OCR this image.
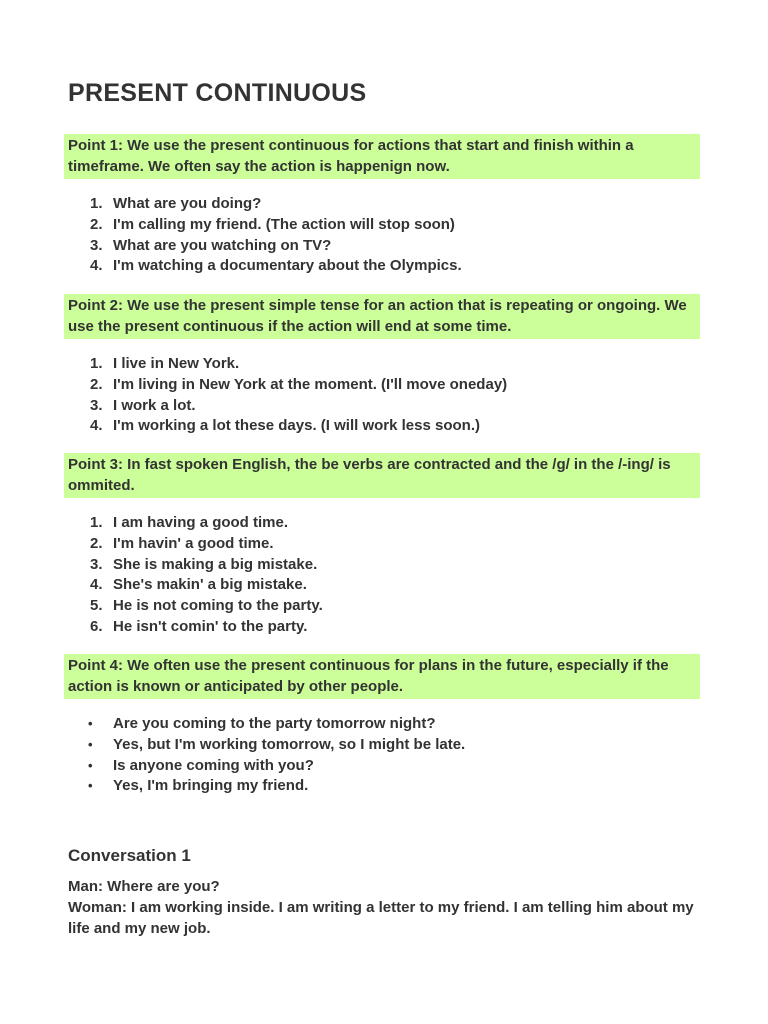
PRESENT CONTINUOUS
Point 1: We use the present continuous for actions that start and finish within a timeframe. We often say the action is happenign now.
1. What are you doing?
2. I'm calling my friend. (The action will stop soon)
3. What are you watching on TV?
4. I'm watching a documentary about the Olympics.
Point 2: We use the present simple tense for an action that is repeating or ongoing. We use the present continuous if the action will end at some time.
1. I live in New York.
2. I'm living in New York at the moment. (I'll move oneday)
3. I work a lot.
4. I'm working a lot these days. (I will work less soon.)
Point 3: In fast spoken English, the be verbs are contracted and the /g/ in the /-ing/ is ommited.
1. I am having a good time.
2. I'm havin' a good time.
3. She is making a big mistake.
4. She's makin' a big mistake.
5. He is not coming to the party.
6. He isn't comin' to the party.
Point 4: We often use the present continuous for plans in the future, especially if the action is known or anticipated by other people.
•	Are you coming to the party tomorrow night?
•	Yes, but I'm working tomorrow, so I might be late.
•	Is anyone coming with you?
•	Yes, I'm bringing my friend.
Conversation 1

Man: Where are you?

Woman: I am working inside. I am writing a letter to my friend. I am telling him about my life and my new job.
